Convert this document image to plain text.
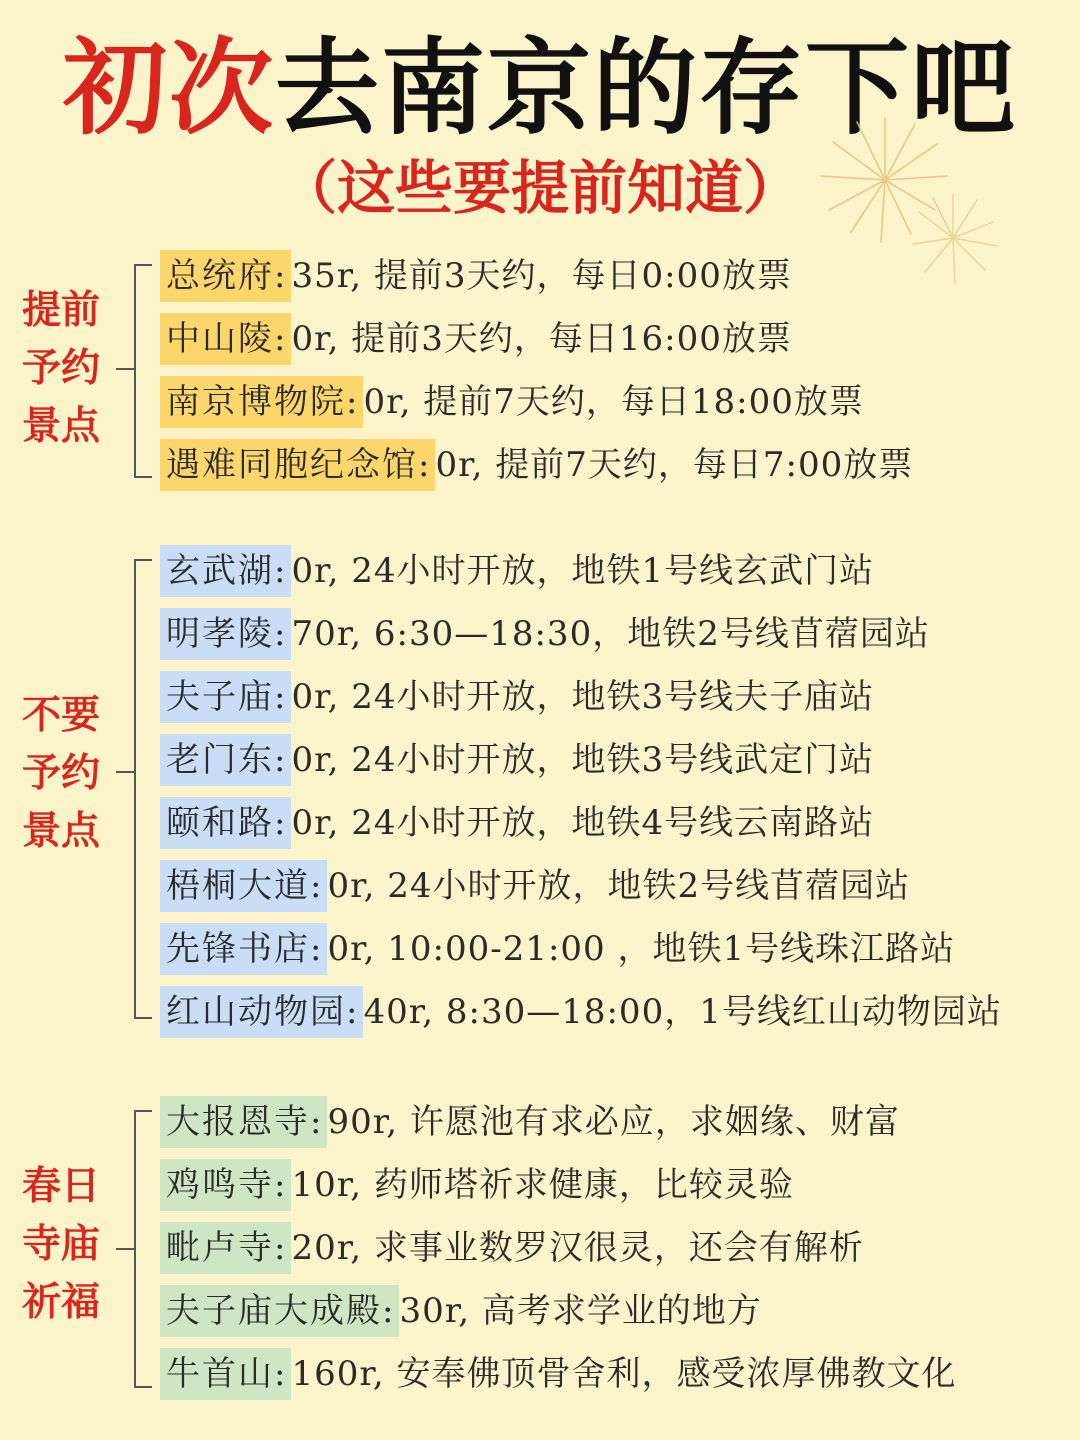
初次去南京的存下吧
（这些要提前知道）
提前予约景点
总统府: 35r, 提前3天约，每日0:00放票
中山陵:0r, 提前3天约，每日16:00放票
南京博物院: 0r, 提前7天约，每日18:00放票
遇难同胞纪念馆: 0r, 提前7天约，每日7:00放票
不要予约景点
玄武湖: 0r, 24小时开放，地铁1号线玄武门站
明孝陵:70r, 6:30—18:30，地铁2号线苜蓿园站
夫子庙:0r, 24小时开放，地铁3号线夫子庙站
老门东:0r, 24小时开放，地铁3号线武定门站
颐和路:0r, 24小时开放，地铁4号线云南路站
梧桐大道:0r, 24小时开放，地铁2号线苜蓿园站
先锋书店:0r, 10:00-21:00 ，地铁1号线珠江路站
红山动物园:40r, 8:30—18:00，1号线红山动物园站
春日寺庙祈福
大报恩寺:90r, 许愿池有求必应，求姻缘、财富
鸡鸣寺:10r, 药师塔祈求健康，比较灵验
毗卢寺:20r, 求事业数罗汉很灵，还会有解析
夫子庙大成殿:30r, 高考求学业的地方
牛首山:160r, 安奉佛顶骨舍利，感受浓厚佛教文化
